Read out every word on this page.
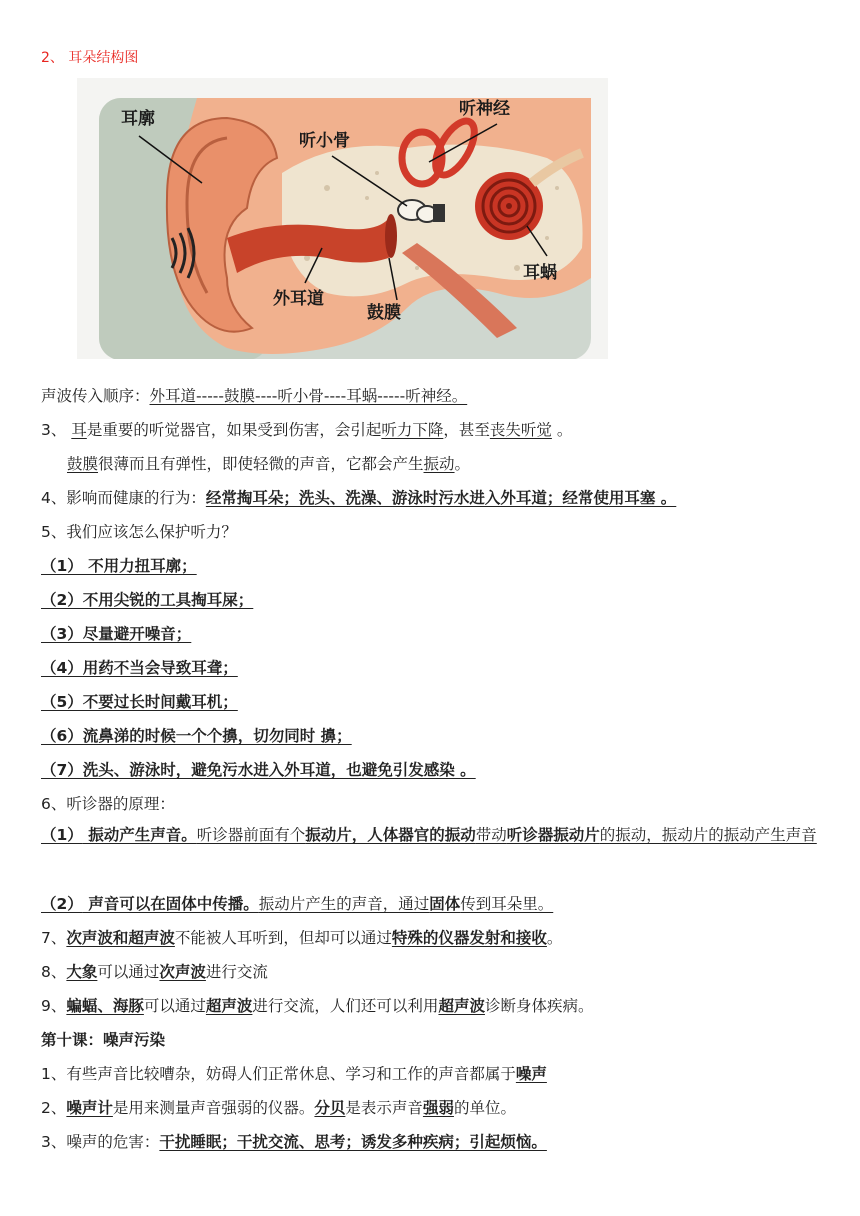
2、 耳朵结构图
耳廓
听小骨
听神经
外耳道
鼓膜
耳蜗
声波传入顺序：外耳道-----鼓膜----听小骨----耳蜗-----听神经。
3、 耳是重要的听觉器官，如果受到伤害，会引起听力下降，甚至丧失听觉 。
鼓膜很薄而且有弹性，即使轻微的声音，它都会产生振动。
4、影响而健康的行为：经常掏耳朵；洗头、洗澡、游泳时污水进入外耳道；经常使用耳塞 。
5、我们应该怎么保护听力？
（1） 不用力扭耳廓；
（2）不用尖锐的工具掏耳屎；
（3）尽量避开噪音；
（4）用药不当会导致耳聋；
（5）不要过长时间戴耳机；
（6）流鼻涕的时候一个个擤，切勿同时 擤；
（7）洗头、游泳时，避免污水进入外耳道，也避免引发感染 。
6、听诊器的原理：
（1） 振动产生声音。听诊器前面有个振动片，人体器官的振动带动听诊器振动片的振动，振动片的振动产生声音
（2） 声音可以在固体中传播。振动片产生的声音，通过固体传到耳朵里。
7、次声波和超声波不能被人耳听到，但却可以通过特殊的仪器发射和接收。
8、大象可以通过次声波进行交流
9、蝙蝠、海豚可以通过超声波进行交流，人们还可以利用超声波诊断身体疾病。
第十课：噪声污染
1、有些声音比较嘈杂，妨碍人们正常休息、学习和工作的声音都属于噪声
2、噪声计是用来测量声音强弱的仪器。分贝是表示声音强弱的单位。
3、噪声的危害：干扰睡眠；干扰交流、思考；诱发多种疾病；引起烦恼。
